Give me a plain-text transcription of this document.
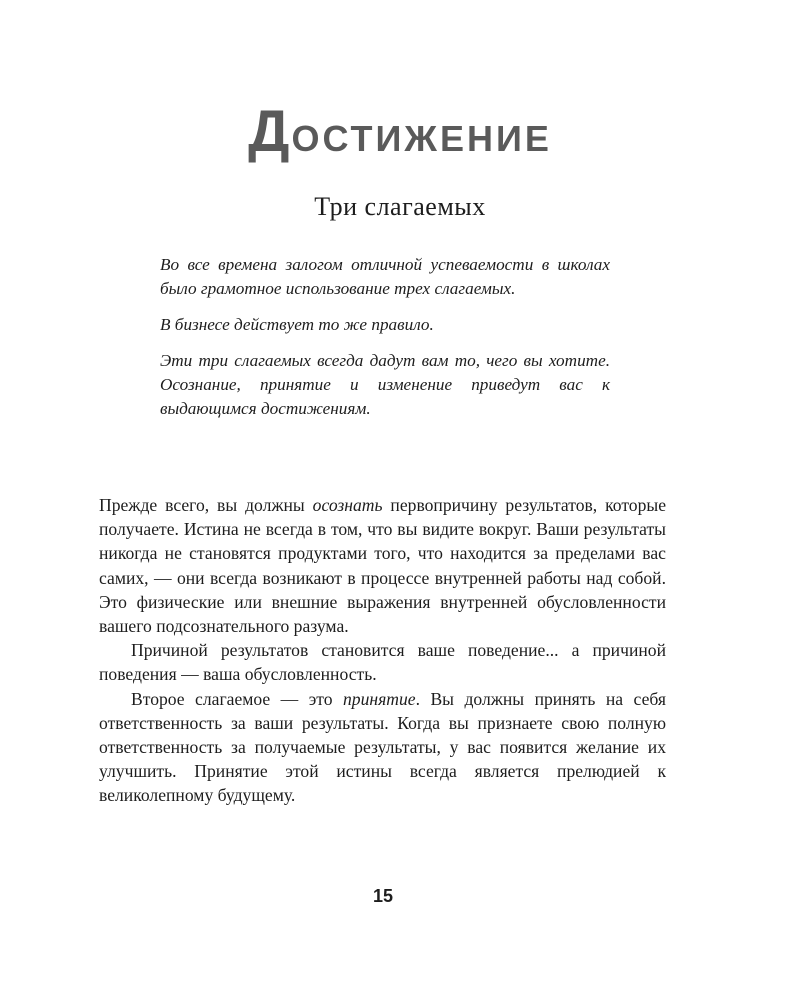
ДОСТИЖЕНИЕ
Три слагаемых

Во все времена залогом отличной успеваемости в школах было грамотное использование трех слагаемых.

В бизнесе действует то же правило.

Эти три слагаемых всегда дадут вам то, чего вы хотите. Осознание, принятие и изменение приведут вас к выдающимся достижениям.

Прежде всего, вы должны осознать первопричину результатов, которые получаете. Истина не всегда в том, что вы видите вокруг. Ваши результаты никогда не становятся продуктами того, что находится за пределами вас самих, — они всегда возникают в процессе внутренней работы над собой. Это физические или внешние выражения внутренней обусловленности вашего подсознательного разума.

Причиной результатов становится ваше поведение... а причиной поведения — ваша обусловленность.

Второе слагаемое — это принятие. Вы должны принять на себя ответственность за ваши результаты. Когда вы признаете свою полную ответственность за получаемые результаты, у вас появится желание их улучшить. Принятие этой истины всегда является прелюдией к великолепному будущему.

15
